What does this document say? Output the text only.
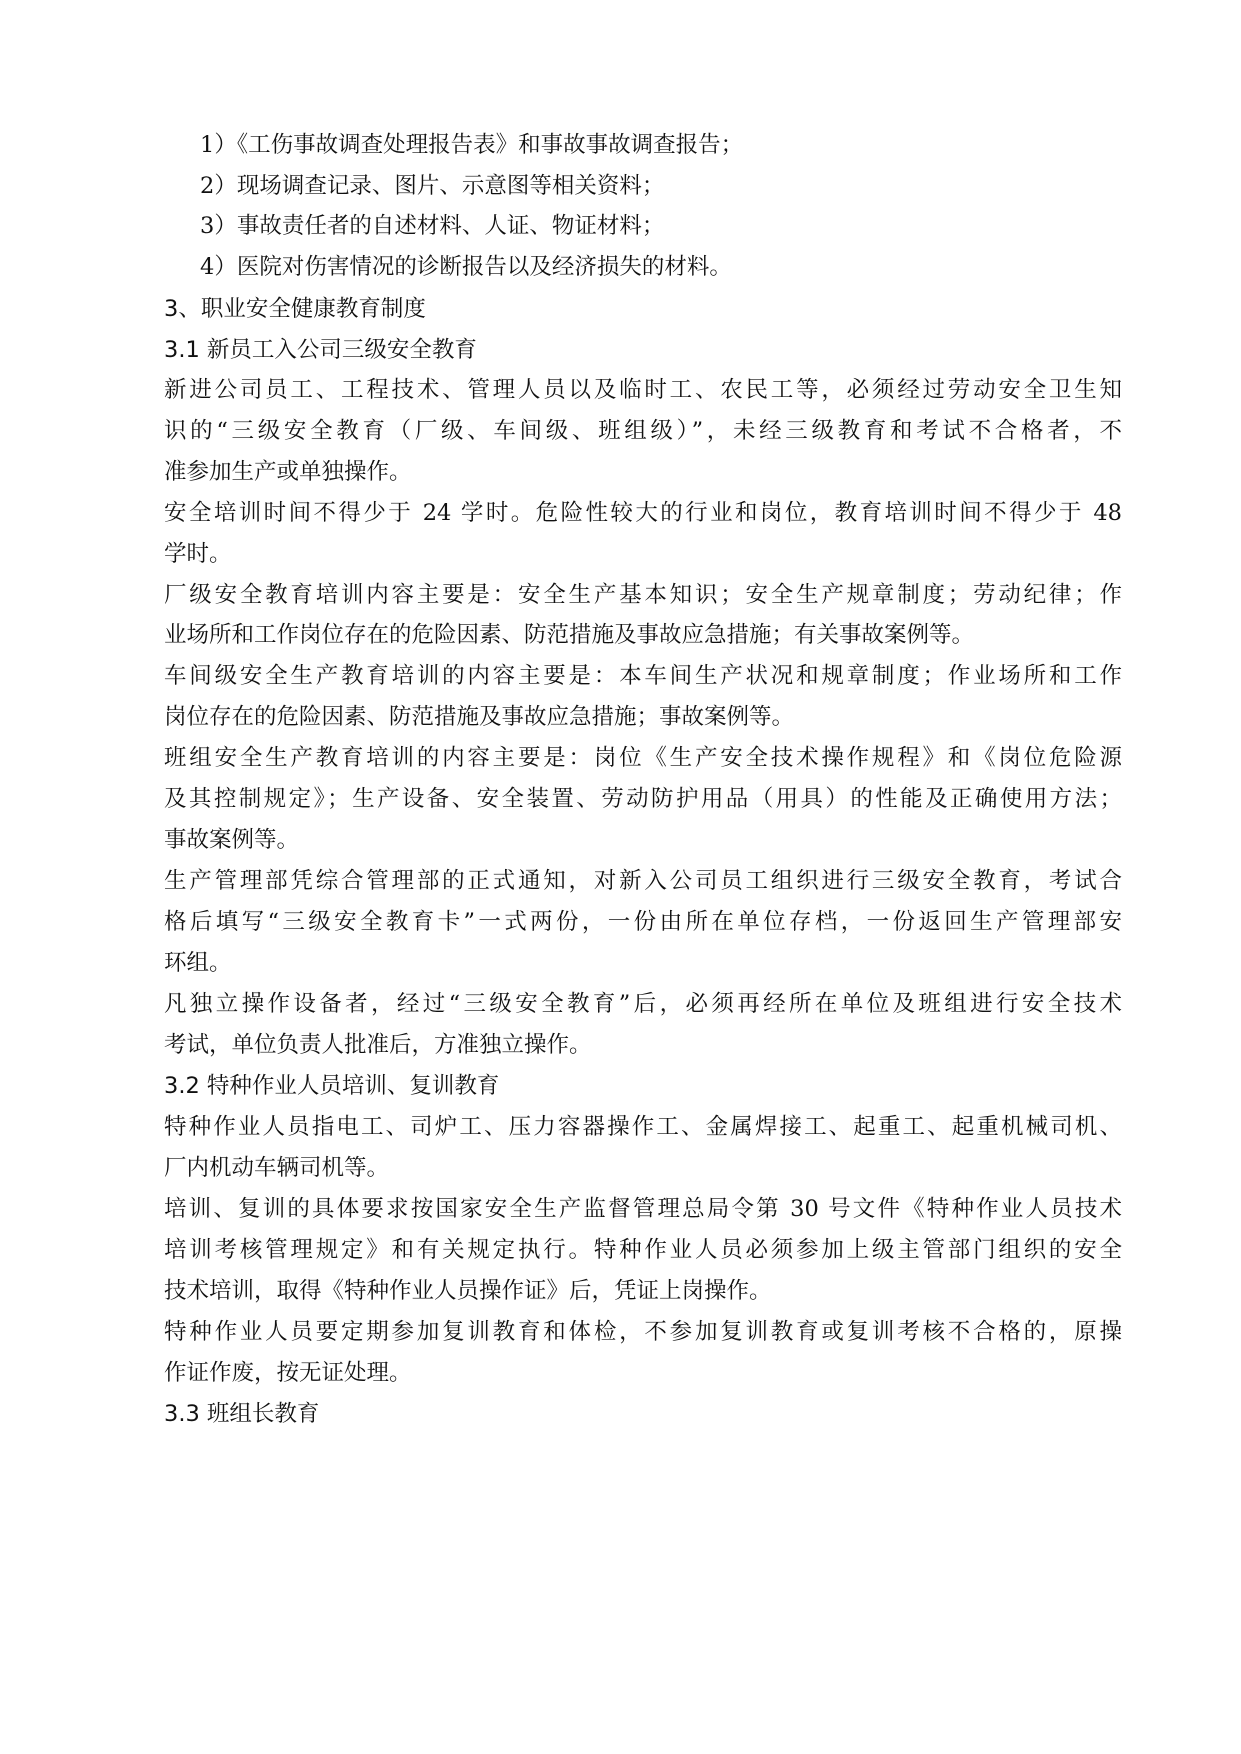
1）《工伤事故调查处理报告表》和事故事故调查报告；
2）现场调查记录、图片、示意图等相关资料；
3）事故责任者的自述材料、人证、物证材料；
4）医院对伤害情况的诊断报告以及经济损失的材料。
3、职业安全健康教育制度
3.1 新员工入公司三级安全教育
新进公司员工、工程技术、管理人员以及临时工、农民工等，必须经过劳动安全卫生知
识的“三级安全教育（厂级、车间级、班组级）”，未经三级教育和考试不合格者，不
准参加生产或单独操作。
安全培训时间不得少于 24 学时。危险性较大的行业和岗位，教育培训时间不得少于 48
学时。
厂级安全教育培训内容主要是：安全生产基本知识；安全生产规章制度；劳动纪律；作
业场所和工作岗位存在的危险因素、防范措施及事故应急措施；有关事故案例等。
车间级安全生产教育培训的内容主要是：本车间生产状况和规章制度；作业场所和工作
岗位存在的危险因素、防范措施及事故应急措施；事故案例等。
班组安全生产教育培训的内容主要是：岗位《生产安全技术操作规程》和《岗位危险源
及其控制规定》；生产设备、安全装置、劳动防护用品（用具）的性能及正确使用方法；
事故案例等。
生产管理部凭综合管理部的正式通知，对新入公司员工组织进行三级安全教育，考试合
格后填写“三级安全教育卡”一式两份，一份由所在单位存档，一份返回生产管理部安
环组。
凡独立操作设备者，经过“三级安全教育”后，必须再经所在单位及班组进行安全技术
考试，单位负责人批准后，方准独立操作。
3.2 特种作业人员培训、复训教育
特种作业人员指电工、司炉工、压力容器操作工、金属焊接工、起重工、起重机械司机、
厂内机动车辆司机等。
培训、复训的具体要求按国家安全生产监督管理总局令第 30 号文件《特种作业人员技术
培训考核管理规定》和有关规定执行。特种作业人员必须参加上级主管部门组织的安全
技术培训，取得《特种作业人员操作证》后，凭证上岗操作。
特种作业人员要定期参加复训教育和体检，不参加复训教育或复训考核不合格的，原操
作证作废，按无证处理。
3.3 班组长教育
